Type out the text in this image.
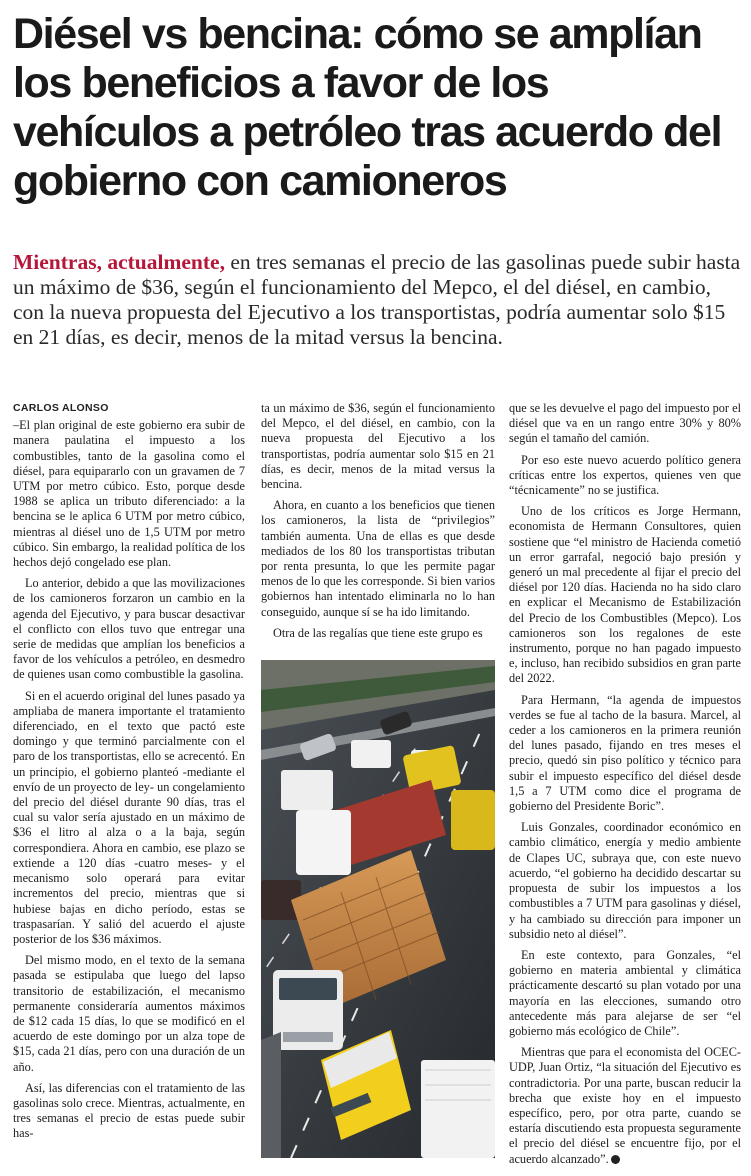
Diésel vs bencina: cómo se amplían los beneficios a favor de los vehículos a petróleo tras acuerdo del gobierno con camioneros

Mientras, actualmente, en tres semanas el precio de las gasolinas puede subir hasta un máximo de $36, según el funcionamiento del Mepco, el del diésel, en cambio, con la nueva propuesta del Ejecutivo a los transportistas, podría aumentar solo $15 en 21 días, es decir, menos de la mitad versus la bencina.

CARLOS ALONSO

–El plan original de este gobierno era subir de manera paulatina el impuesto a los combustibles, tanto de la gasolina como el diésel, para equipararlo con un gravamen de 7 UTM por metro cúbico. Esto, porque desde 1988 se aplica un tributo diferenciado: a la bencina se le aplica 6 UTM por metro cúbico, mientras al diésel uno de 1,5 UTM por metro cúbico. Sin embargo, la realidad política de los hechos dejó congelado ese plan.

Lo anterior, debido a que las movilizaciones de los camioneros forzaron un cambio en la agenda del Ejecutivo, y para buscar desactivar el conflicto con ellos tuvo que entregar una serie de medidas que amplían los beneficios a favor de los vehículos a petróleo, en desmedro de quienes usan como combustible la gasolina.

Si en el acuerdo original del lunes pasado ya ampliaba de manera importante el tratamiento diferenciado, en el texto que pactó este domingo y que terminó parcialmente con el paro de los transportistas, ello se acrecentó. En un principio, el gobierno planteó -mediante el envío de un proyecto de ley- un congelamiento del precio del diésel durante 90 días, tras el cual su valor sería ajustado en un máximo de $36 el litro al alza o a la baja, según correspondiera. Ahora en cambio, ese plazo se extiende a 120 días -cuatro meses- y el mecanismo solo operará para evitar incrementos del precio, mientras que si hubiese bajas en dicho período, estas se traspasarían. Y salió del acuerdo el ajuste posterior de los $36 máximos.

Del mismo modo, en el texto de la semana pasada se estipulaba que luego del lapso transitorio de estabilización, el mecanismo permanente consideraría aumentos máximos de $12 cada 15 días, lo que se modificó en el acuerdo de este domingo por un alza tope de $15, cada 21 días, pero con una duración de un año.

Así, las diferencias con el tratamiento de las gasolinas solo crece. Mientras, actualmente, en tres semanas el precio de estas puede subir has-

ta un máximo de $36, según el funcionamiento del Mepco, el del diésel, en cambio, con la nueva propuesta del Ejecutivo a los transportistas, podría aumentar solo $15 en 21 días, es decir, menos de la mitad versus la bencina.

Ahora, en cuanto a los beneficios que tienen los camioneros, la lista de “privilegios” también aumenta. Una de ellas es que desde mediados de los 80 los transportistas tributan por renta presunta, lo que les permite pagar menos de lo que les corresponde. Si bien varios gobiernos han intentado eliminarla no lo han conseguido, aunque sí se ha ido limitando.

Otra de las regalías que tiene este grupo es

que se les devuelve el pago del impuesto por el diésel que va en un rango entre 30% y 80% según el tamaño del camión.

Por eso este nuevo acuerdo político genera críticas entre los expertos, quienes ven que “técnicamente” no se justifica.

Uno de los críticos es Jorge Hermann, economista de Hermann Consultores, quien sostiene que “el ministro de Hacienda cometió un error garrafal, negoció bajo presión y generó un mal precedente al fijar el precio del diésel por 120 días. Hacienda no ha sido claro en explicar el Mecanismo de Estabilización del Precio de los Combustibles (Mepco). Los camioneros son los regalones de este instrumento, porque no han pagado impuesto e, incluso, han recibido subsidios en gran parte del 2022.

Para Hermann, “la agenda de impuestos verdes se fue al tacho de la basura. Marcel, al ceder a los camioneros en la primera reunión del lunes pasado, fijando en tres meses el precio, quedó sin piso político y técnico para subir el impuesto específico del diésel desde 1,5 a 7 UTM como dice el programa de gobierno del Presidente Boric”.

Luis Gonzales, coordinador económico en cambio climático, energía y medio ambiente de Clapes UC, subraya que, con este nuevo acuerdo, “el gobierno ha decidido descartar su propuesta de subir los impuestos a los combustibles a 7 UTM para gasolinas y diésel, y ha cambiado su dirección para imponer un subsidio neto al diésel”.

En este contexto, para Gonzales, “el gobierno en materia ambiental y climática prácticamente descartó su plan votado por una mayoría en las elecciones, sumando otro antecedente más para alejarse de ser “el gobierno más ecológico de Chile”.

Mientras que para el economista del OCEC-UDP, Juan Ortiz, “la situación del Ejecutivo es contradictoria. Por una parte, buscan reducir la brecha que existe hoy en el impuesto específico, pero, por otra parte, cuando se estaría discutiendo esta propuesta seguramente el precio del diésel se encuentre fijo, por el acuerdo alcanzado”. P
